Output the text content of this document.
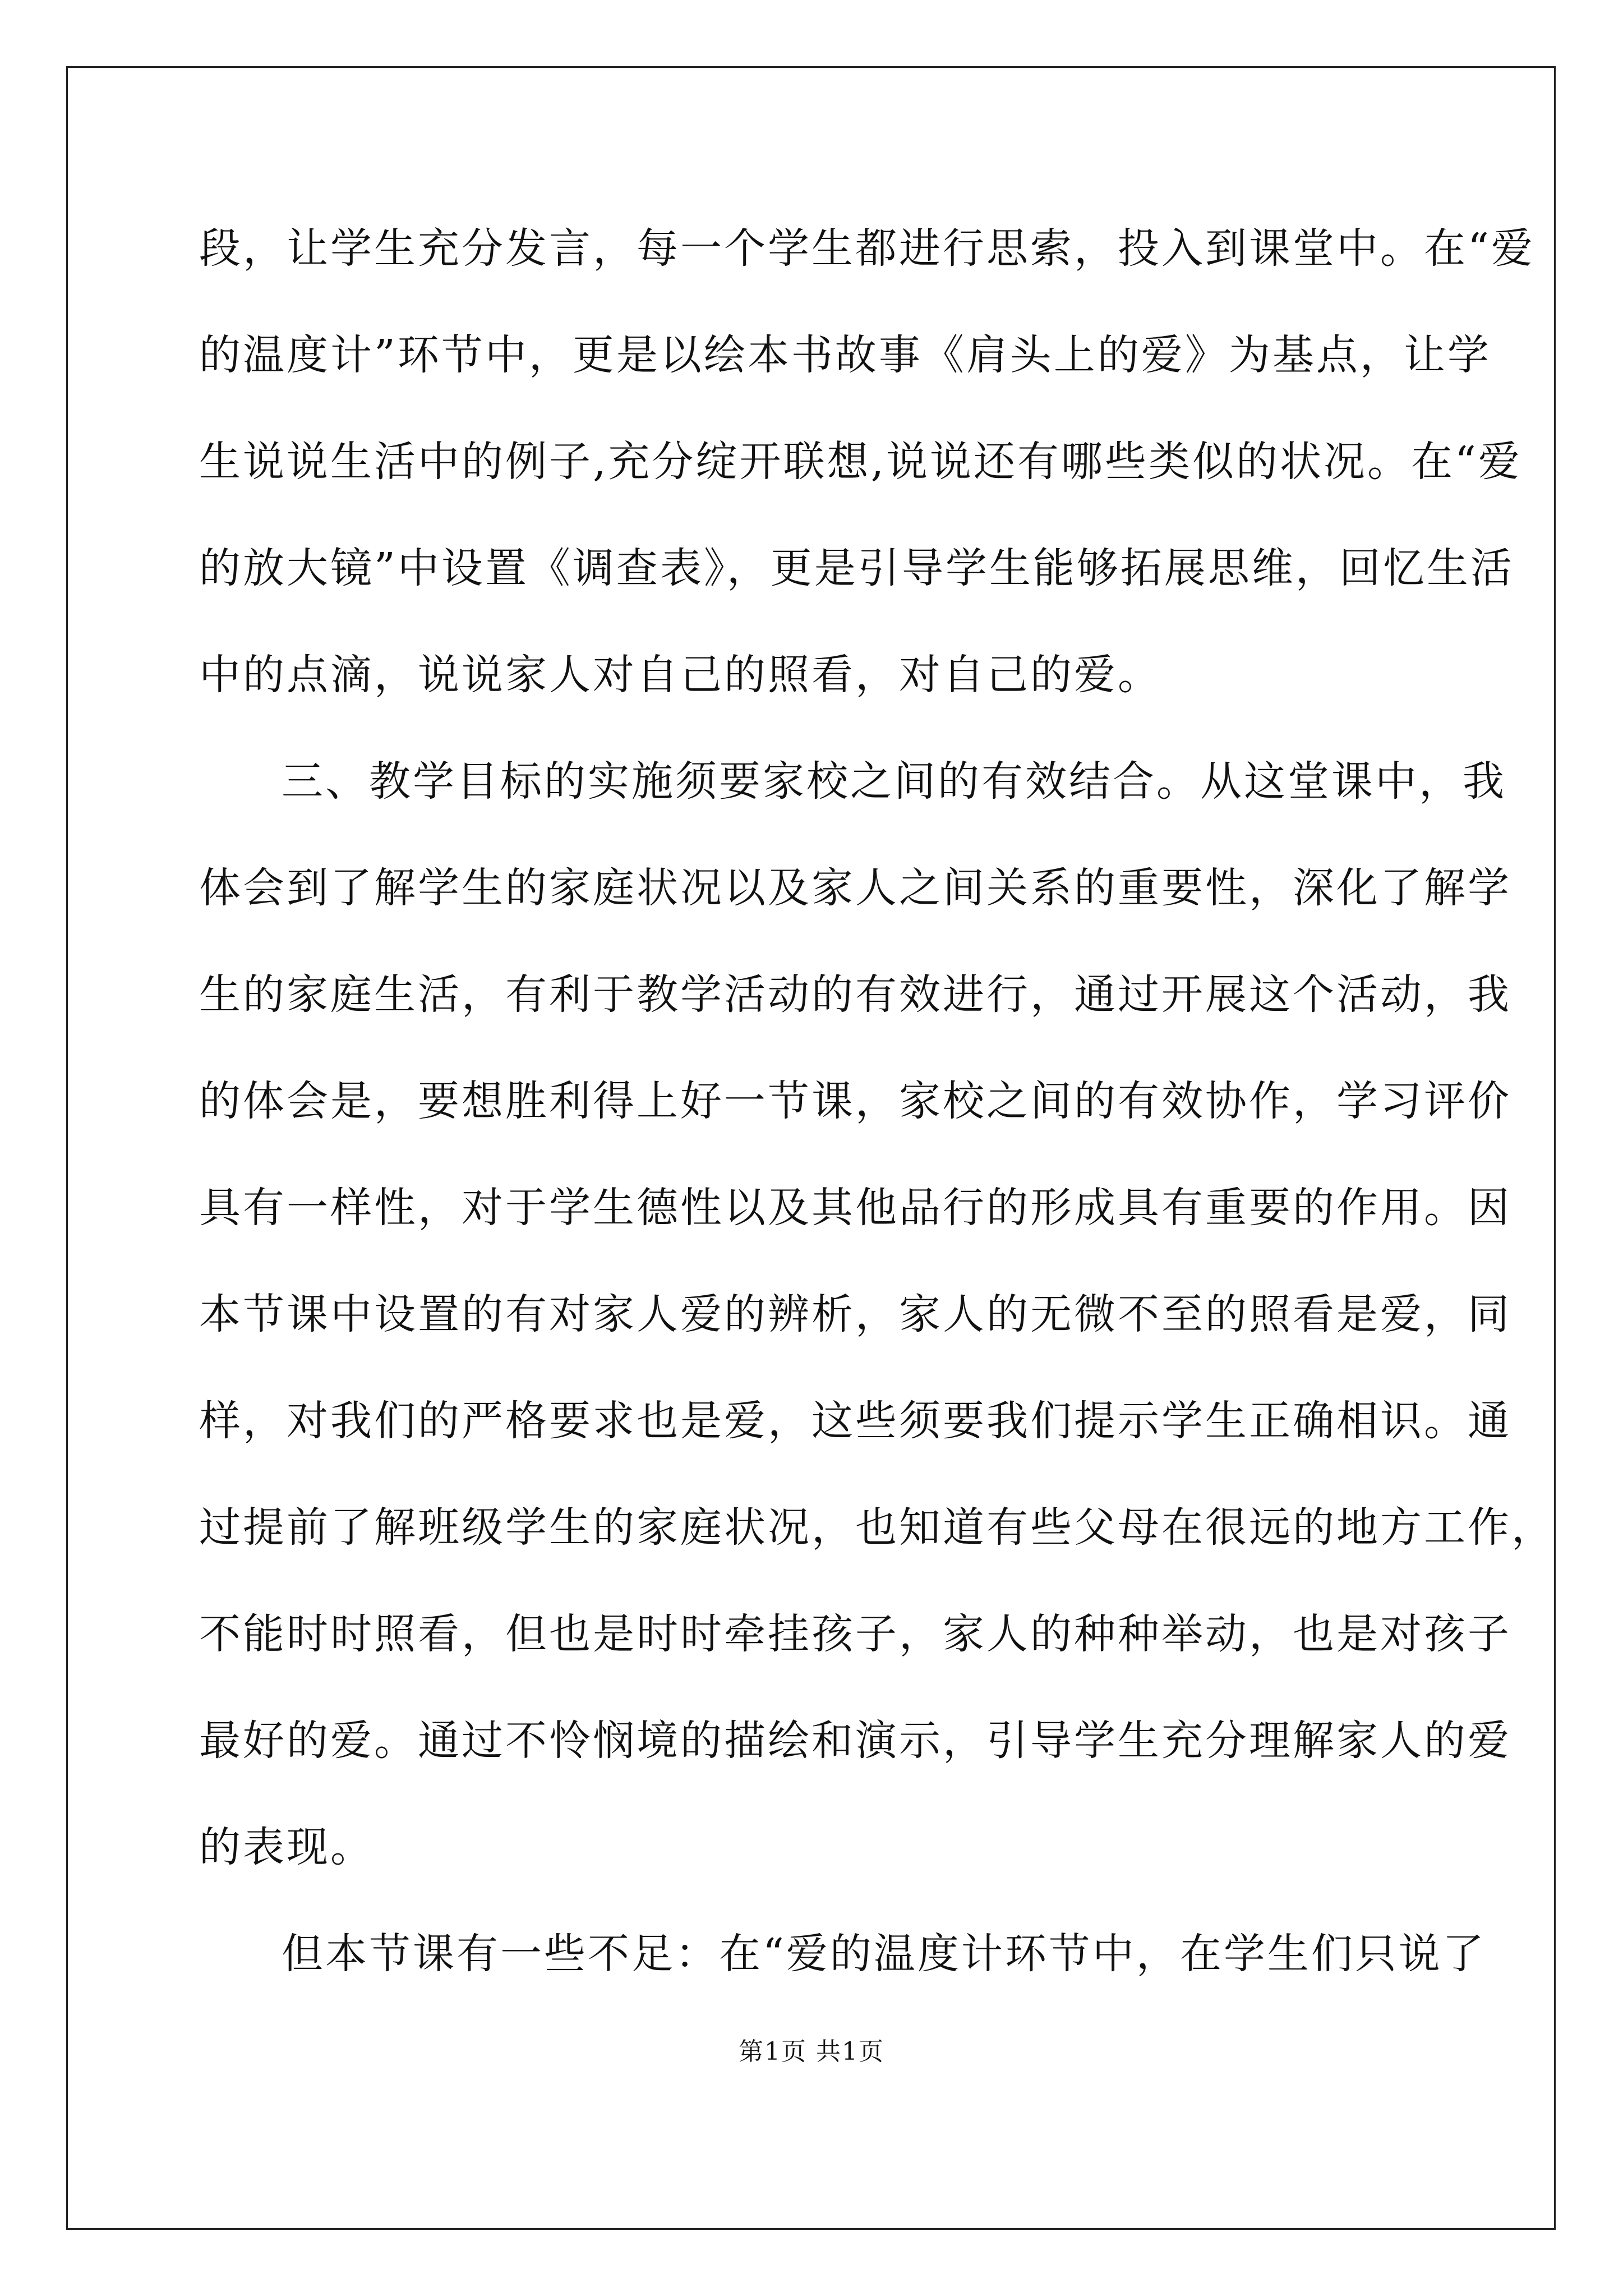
段，让学生充分发言，每一个学生都进行思索，投入到课堂中。在“爱
的温度计”环节中，更是以绘本书故事《肩头上的爱》为基点，让学
生说说生活中的例子,充分绽开联想,说说还有哪些类似的状况。在“爱
的放大镜”中设置《调查表》，更是引导学生能够拓展思维，回忆生活
中的点滴，说说家人对自己的照看，对自己的爱。
三、教学目标的实施须要家校之间的有效结合。从这堂课中，我
体会到了解学生的家庭状况以及家人之间关系的重要性，深化了解学
生的家庭生活，有利于教学活动的有效进行，通过开展这个活动，我
的体会是，要想胜利得上好一节课，家校之间的有效协作，学习评价
具有一样性，对于学生德性以及其他品行的形成具有重要的作用。因
本节课中设置的有对家人爱的辨析，家人的无微不至的照看是爱，同
样，对我们的严格要求也是爱，这些须要我们提示学生正确相识。通
过提前了解班级学生的家庭状况，也知道有些父母在很远的地方工作，
不能时时照看，但也是时时牵挂孩子，家人的种种举动，也是对孩子
最好的爱。通过不怜悯境的描绘和演示，引导学生充分理解家人的爱
的表现。
但本节课有一些不足：在“爱的温度计环节中，在学生们只说了
第1页 共1页
